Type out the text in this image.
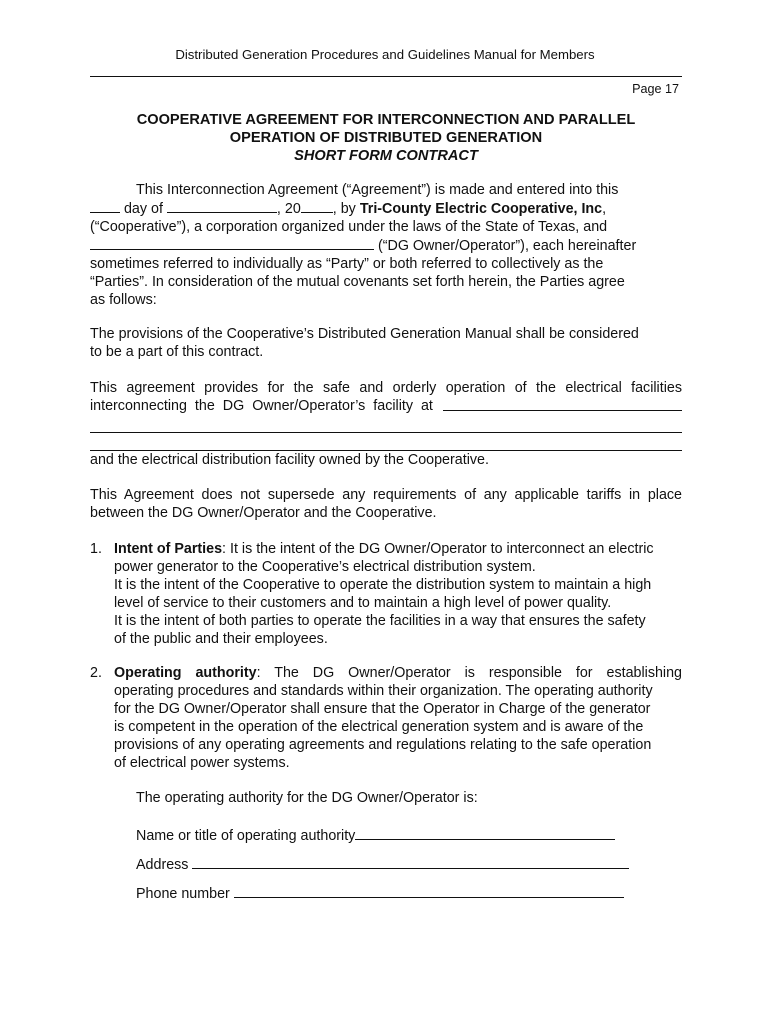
Distributed Generation Procedures and Guidelines Manual for Members
Page 17
COOPERATIVE AGREEMENT FOR INTERCONNECTION AND PARALLEL
OPERATION OF DISTRIBUTED GENERATION
SHORT FORM CONTRACT
This Interconnection Agreement (“Agreement”) is made and entered into this
day of	, 20 , by Tri-County Electric Cooperative, Inc,
(“Cooperative”), a corporation organized under the laws of the State of Texas, and
(“DG Owner/Operator”), each hereinafter
sometimes referred to individually as “Party” or both referred to collectively as the
“Parties”. In consideration of the mutual covenants set forth herein, the Parties agree
as follows:
The provisions of the Cooperative’s Distributed Generation Manual shall be considered
to be a part of this contract.
This agreement provides for the safe and orderly operation of the electrical facilities
interconnecting the DG Owner/Operator’s facility at
and the electrical distribution facility owned by the Cooperative.
This Agreement does not supersede any requirements of any applicable tariffs in place
between the DG Owner/Operator and the Cooperative.
1. Intent of Parties: It is the intent of the DG Owner/Operator to interconnect an electric
power generator to the Cooperative’s electrical distribution system.
It is the intent of the Cooperative to operate the distribution system to maintain a high
level of service to their customers and to maintain a high level of power quality.
It is the intent of both parties to operate the facilities in a way that ensures the safety
of the public and their employees.
2. Operating authority: The DG Owner/Operator is responsible for establishing
operating procedures and standards within their organization. The operating authority
for the DG Owner/Operator shall ensure that the Operator in Charge of the generator
is competent in the operation of the electrical generation system and is aware of the
provisions of any operating agreements and regulations relating to the safe operation
of electrical power systems.
The operating authority for the DG Owner/Operator is:
Name or title of operating authority
Address
Phone number
